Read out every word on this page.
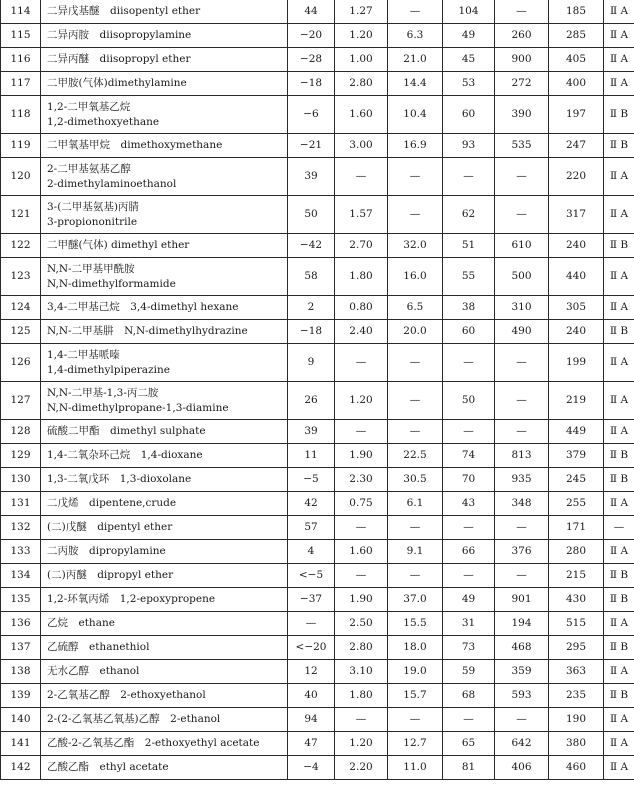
114	二异戊基醚　diisopentyl ether	44	1.27	—	104	—	185	Ⅱ A
115	二异丙胺　diisopropylamine	−20	1.20	6.3	49	260	285	Ⅱ A
116	二异丙醚　diisopropyl ether	−28	1.00	21.0	45	900	405	Ⅱ A
117	二甲胺(气体)dimethylamine	−18	2.80	14.4	53	272	400	Ⅱ A
118	1,2-二甲氧基乙烷
1,2-dimethoxyethane	−6	1.60	10.4	60	390	197	Ⅱ B
119	二甲氧基甲烷　dimethoxymethane	−21	3.00	16.9	93	535	247	Ⅱ B
120	2-二甲基氨基乙醇
2-dimethylaminoethanol	39	—	—	—	—	220	Ⅱ A
121	3-(二甲基氨基)丙腈
3-propiononitrile	50	1.57	—	62	—	317	Ⅱ A
122	二甲醚(气体) dimethyl ether	−42	2.70	32.0	51	610	240	Ⅱ B
123	N,N-二甲基甲酰胺
N,N-dimethylformamide	58	1.80	16.0	55	500	440	Ⅱ A
124	3,4-二甲基己烷　3,4-dimethyl hexane	2	0.80	6.5	38	310	305	Ⅱ A
125	N,N-二甲基肼　N,N-dimethylhydrazine	−18	2.40	20.0	60	490	240	Ⅱ B
126	1,4-二甲基哌嗪
1,4-dimethylpiperazine	9	—	—	—	—	199	Ⅱ A
127	N,N-二甲基-1,3-丙二胺
N,N-dimethylpropane-1,3-diamine	26	1.20	—	50	—	219	Ⅱ A
128	硫酸二甲酯　dimethyl sulphate	39	—	—	—	—	449	Ⅱ A
129	1,4-二氧杂环己烷　1,4-dioxane	11	1.90	22.5	74	813	379	Ⅱ B
130	1,3-二氧戊环　1,3-dioxolane	−5	2.30	30.5	70	935	245	Ⅱ B
131	二戊烯　dipentene,crude	42	0.75	6.1	43	348	255	Ⅱ A
132	(二)戊醚　dipentyl ether	57	—	—	—	—	171	—
133	二丙胺　dipropylamine	4	1.60	9.1	66	376	280	Ⅱ A
134	(二)丙醚　dipropyl ether	<−5	—	—	—	—	215	Ⅱ B
135	1,2-环氧丙烯　1,2-epoxypropene	−37	1.90	37.0	49	901	430	Ⅱ B
136	乙烷　ethane	—	2.50	15.5	31	194	515	Ⅱ A
137	乙硫醇　ethanethiol	<−20	2.80	18.0	73	468	295	Ⅱ B
138	无水乙醇　ethanol	12	3.10	19.0	59	359	363	Ⅱ A
139	2-乙氧基乙醇　2-ethoxyethanol	40	1.80	15.7	68	593	235	Ⅱ B
140	2-(2-乙氧基乙氧基)乙醇　2-ethanol	94	—	—	—	—	190	Ⅱ A
141	乙酸-2-乙氧基乙酯　2-ethoxyethyl acetate	47	1.20	12.7	65	642	380	Ⅱ A
142	乙酸乙酯　ethyl acetate	−4	2.20	11.0	81	406	460	Ⅱ A
